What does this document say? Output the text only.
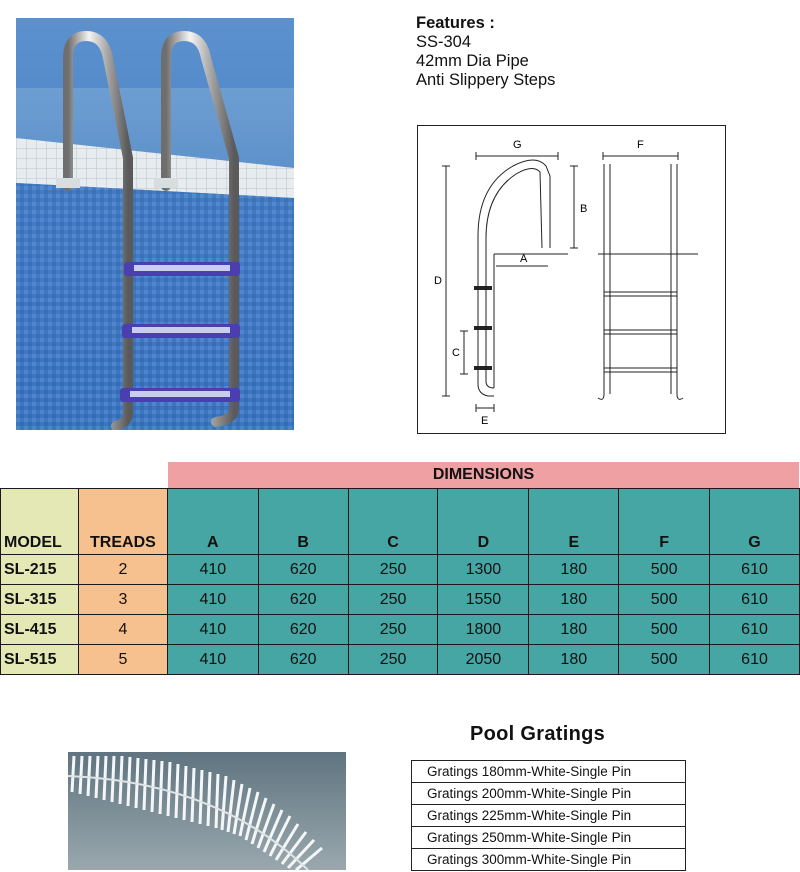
Features :
SS-304
42mm Dia Pipe
Anti Slippery Steps
G
B
D
A
C
E
F
DIMENSIONS
MODEL	TREADS	A	B	C	D	E	F	G
SL-215	2	410	620	250	1300	180	500	610
SL-315	3	410	620	250	1550	180	500	610
SL-415	4	410	620	250	1800	180	500	610
SL-515	5	410	620	250	2050	180	500	610
Pool Gratings
Gratings 180mm-White-Single Pin
Gratings 200mm-White-Single Pin
Gratings 225mm-White-Single Pin
Gratings 250mm-White-Single Pin
Gratings 300mm-White-Single Pin
